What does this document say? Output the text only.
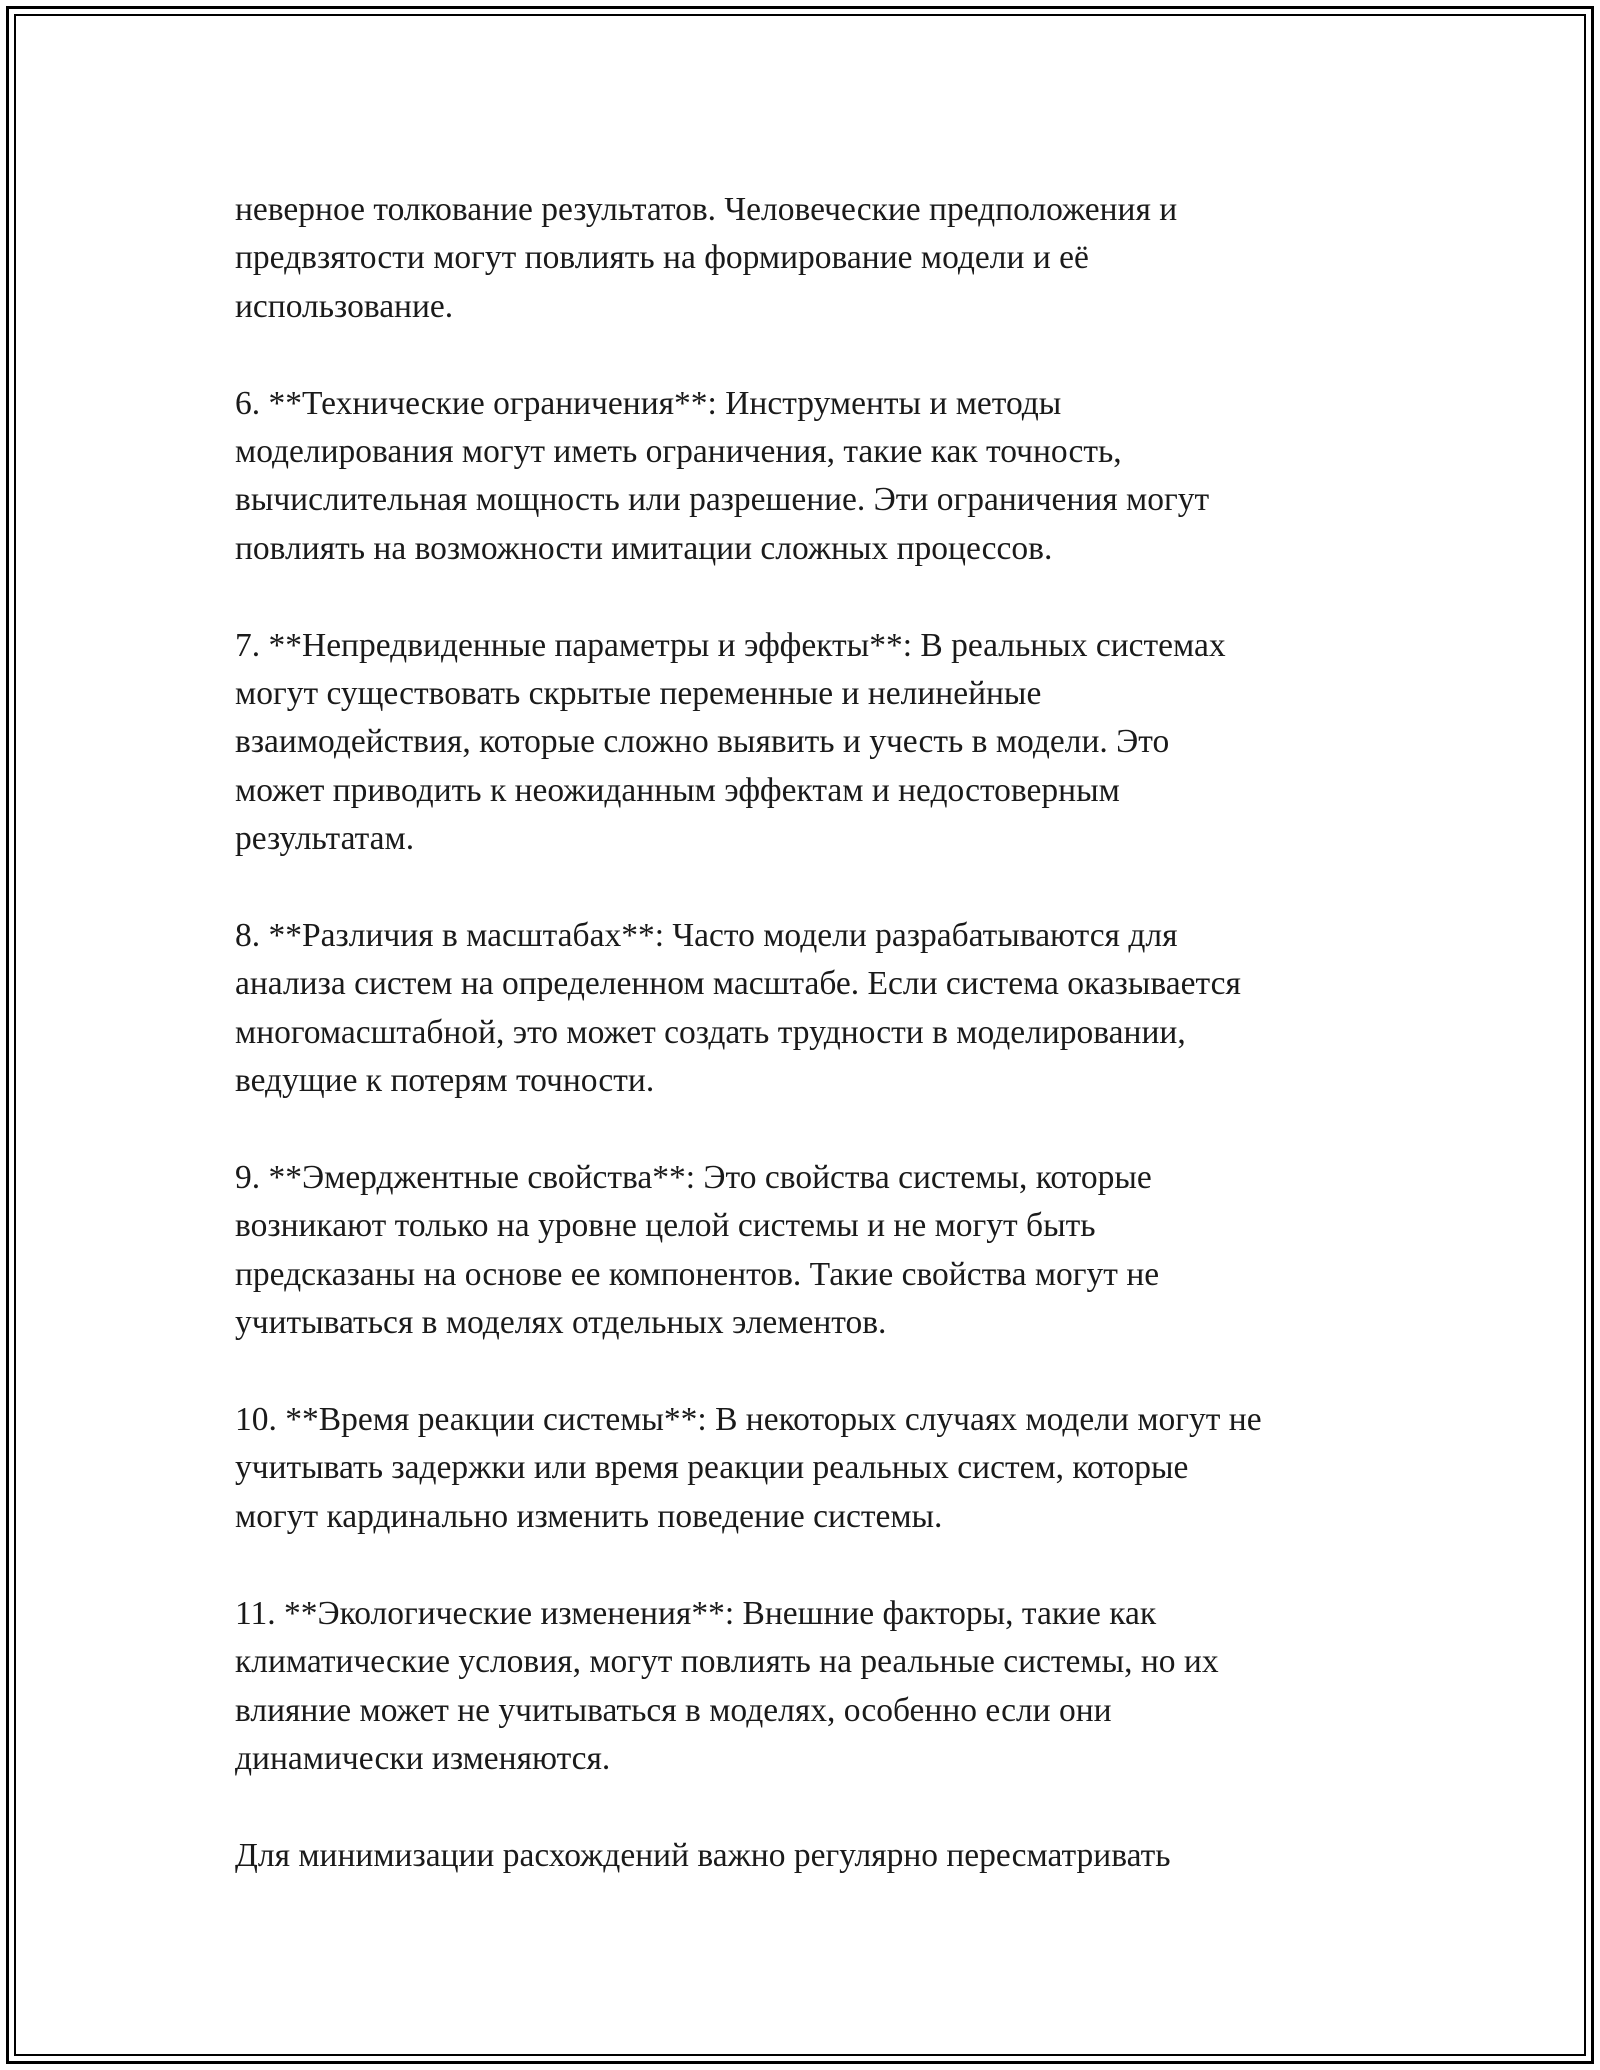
неверное толкование результатов. Человеческие предположения и
предвзятости могут повлиять на формирование модели и её
использование.

6. **Технические ограничения**: Инструменты и методы
моделирования могут иметь ограничения, такие как точность,
вычислительная мощность или разрешение. Эти ограничения могут
повлиять на возможности имитации сложных процессов.

7. **Непредвиденные параметры и эффекты**: В реальных системах
могут существовать скрытые переменные и нелинейные
взаимодействия, которые сложно выявить и учесть в модели. Это
может приводить к неожиданным эффектам и недостоверным
результатам.

8. **Различия в масштабах**: Часто модели разрабатываются для
анализа систем на определенном масштабе. Если система оказывается
многомасштабной, это может создать трудности в моделировании,
ведущие к потерям точности.

9. **Эмерджентные свойства**: Это свойства системы, которые
возникают только на уровне целой системы и не могут быть
предсказаны на основе ее компонентов. Такие свойства могут не
учитываться в моделях отдельных элементов.

10. **Время реакции системы**: В некоторых случаях модели могут не
учитывать задержки или время реакции реальных систем, которые
могут кардинально изменить поведение системы.

11. **Экологические изменения**: Внешние факторы, такие как
климатические условия, могут повлиять на реальные системы, но их
влияние может не учитываться в моделях, особенно если они
динамически изменяются.

Для минимизации расхождений важно регулярно пересматривать
